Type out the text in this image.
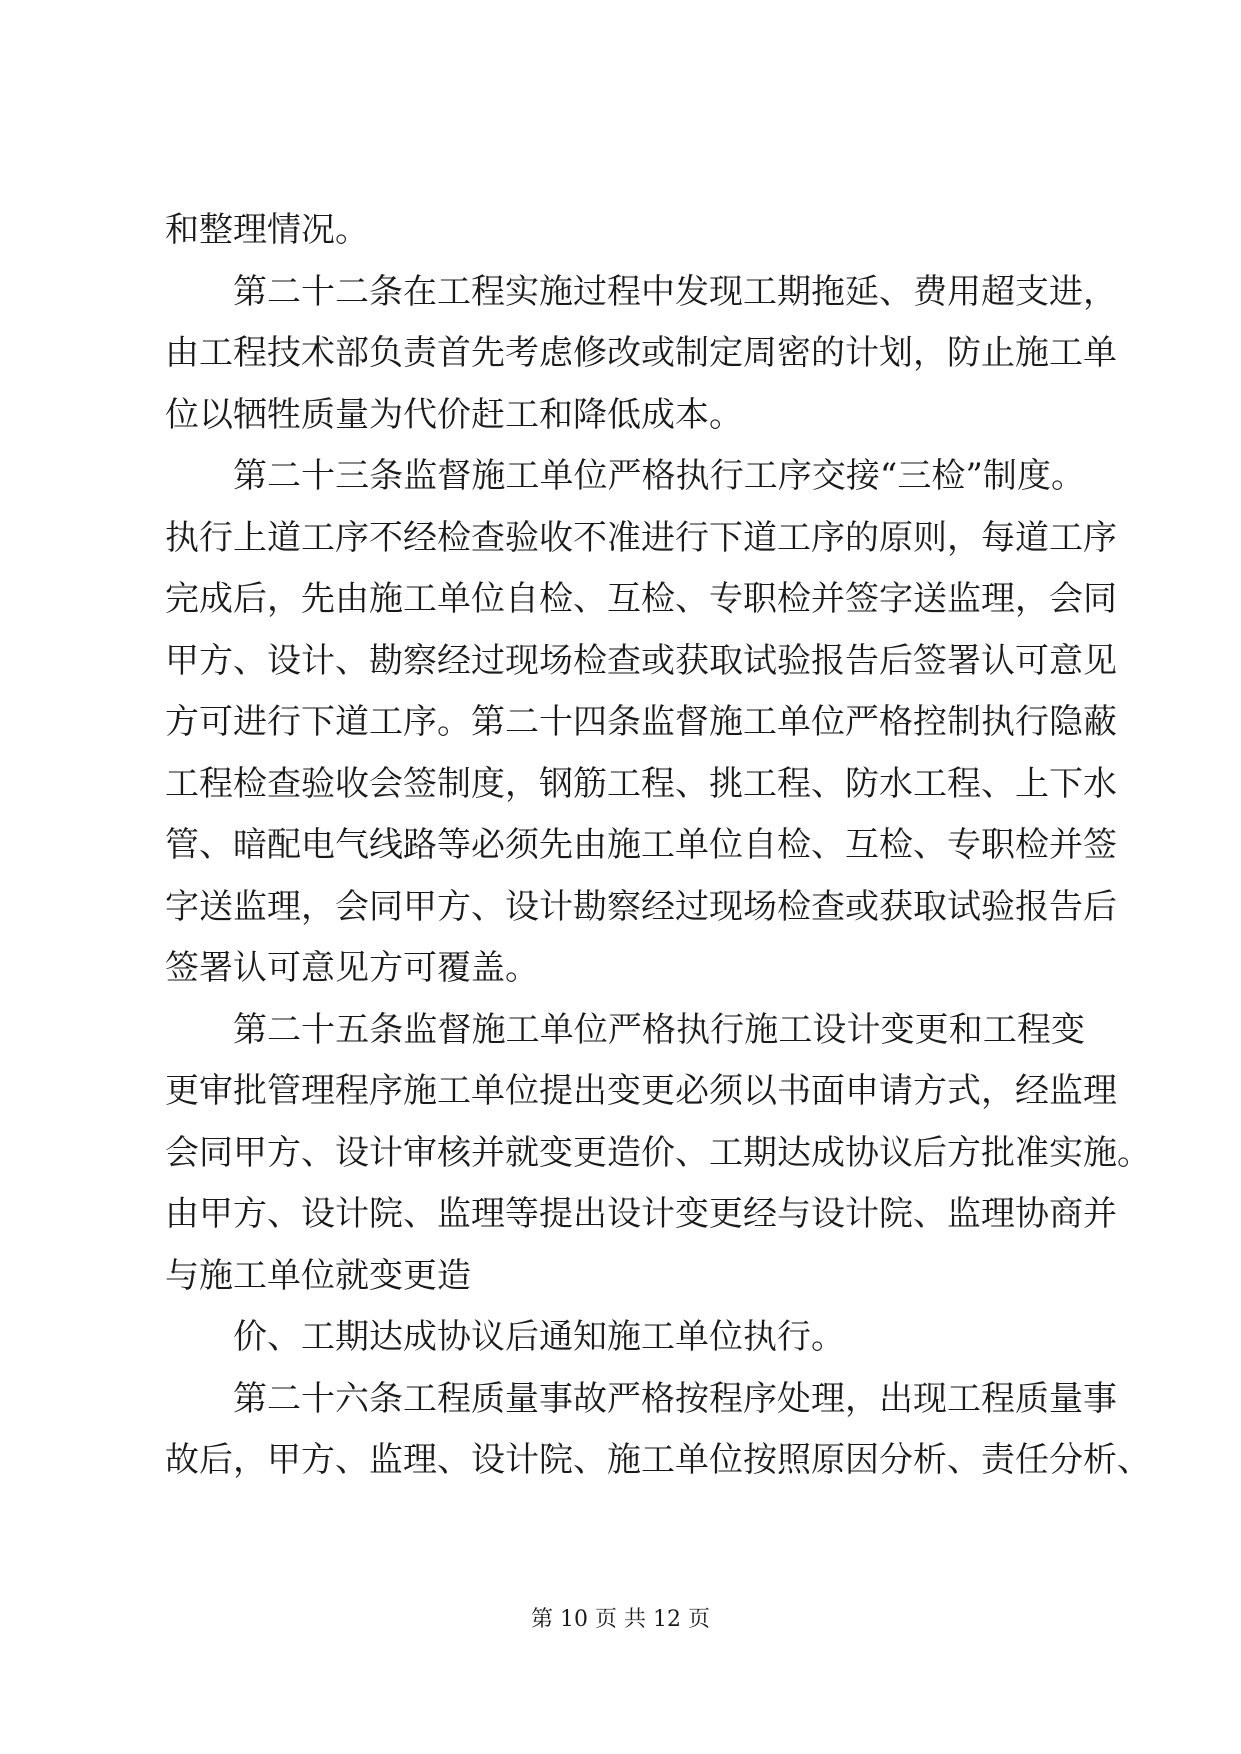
和整理情况。
第二十二条在工程实施过程中发现工期拖延、费用超支进，
由工程技术部负责首先考虑修改或制定周密的计划，防止施工单
位以牺牲质量为代价赶工和降低成本。
第二十三条监督施工单位严格执行工序交接“三检”制度。
执行上道工序不经检查验收不准进行下道工序的原则，每道工序
完成后，先由施工单位自检、互检、专职检并签字送监理，会同
甲方、设计、勘察经过现场检查或获取试验报告后签署认可意见
方可进行下道工序。第二十四条监督施工单位严格控制执行隐蔽
工程检查验收会签制度，钢筋工程、挑工程、防水工程、上下水
管、暗配电气线路等必须先由施工单位自检、互检、专职检并签
字送监理，会同甲方、设计勘察经过现场检查或获取试验报告后
签署认可意见方可覆盖。
第二十五条监督施工单位严格执行施工设计变更和工程变
更审批管理程序施工单位提出变更必须以书面申请方式，经监理
会同甲方、设计审核并就变更造价、工期达成协议后方批准实施。
由甲方、设计院、监理等提出设计变更经与设计院、监理协商并
与施工单位就变更造
价、工期达成协议后通知施工单位执行。
第二十六条工程质量事故严格按程序处理，出现工程质量事
故后，甲方、监理、设计院、施工单位按照原因分析、责任分析、
第 10 页 共 12 页
